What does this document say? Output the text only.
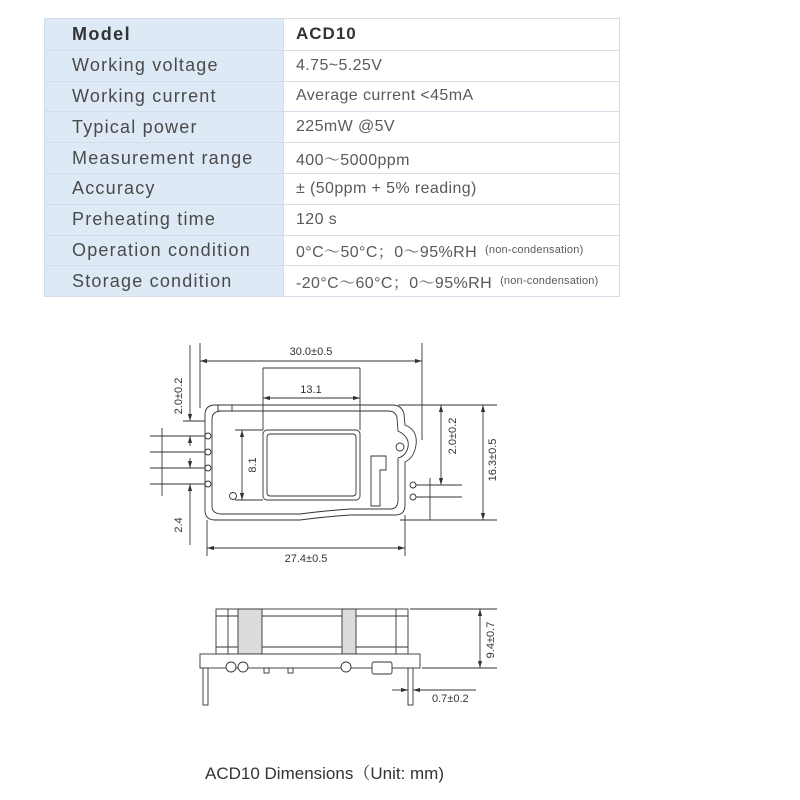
Model	ACD10
Working voltage	4.75~5.25V
Working current	Average current <45mA
Typical power	225mW @5V
Measurement range	400～5000ppm
Accuracy	± (50ppm + 5% reading)
Preheating time	120 s
Operation condition	0°C～50°C；0～95%RH (non-condensation)
Storage condition	-20°C～60°C；0～95%RH (non-condensation)
30.0±0.5
13.1
2.0±0.2
8.1
2.4
2.0±0.2
16.3±0.5
27.4±0.5
9.4±0.7
0.7±0.2
ACD10 Dimensions（Unit: mm)
